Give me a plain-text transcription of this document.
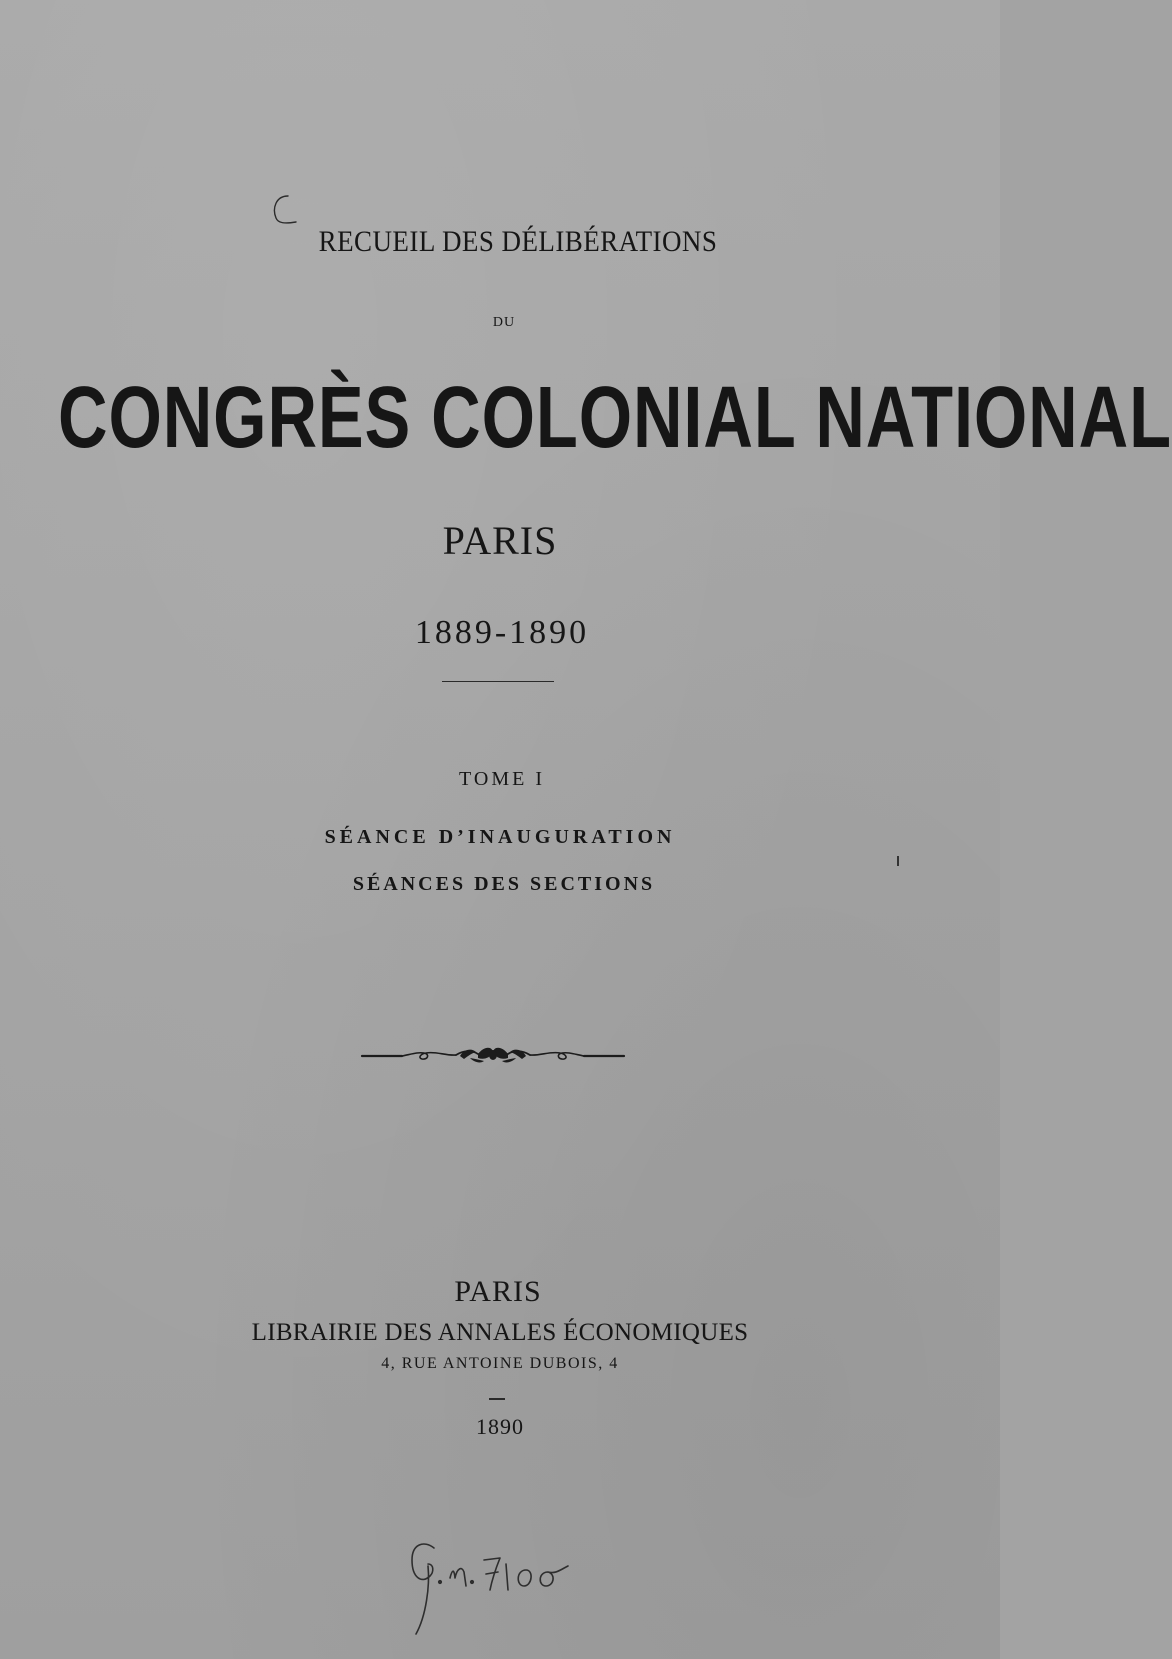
RECUEIL DES DÉLIBÉRATIONS
DU
CONGRÈS COLONIAL NATIONAL
PARIS
1889-1890
TOME I
SÉANCE D’INAUGURATION
SÉANCES DES SECTIONS
PARIS
LIBRAIRIE DES ANNALES ÉCONOMIQUES
4, RUE ANTOINE DUBOIS, 4
1890
